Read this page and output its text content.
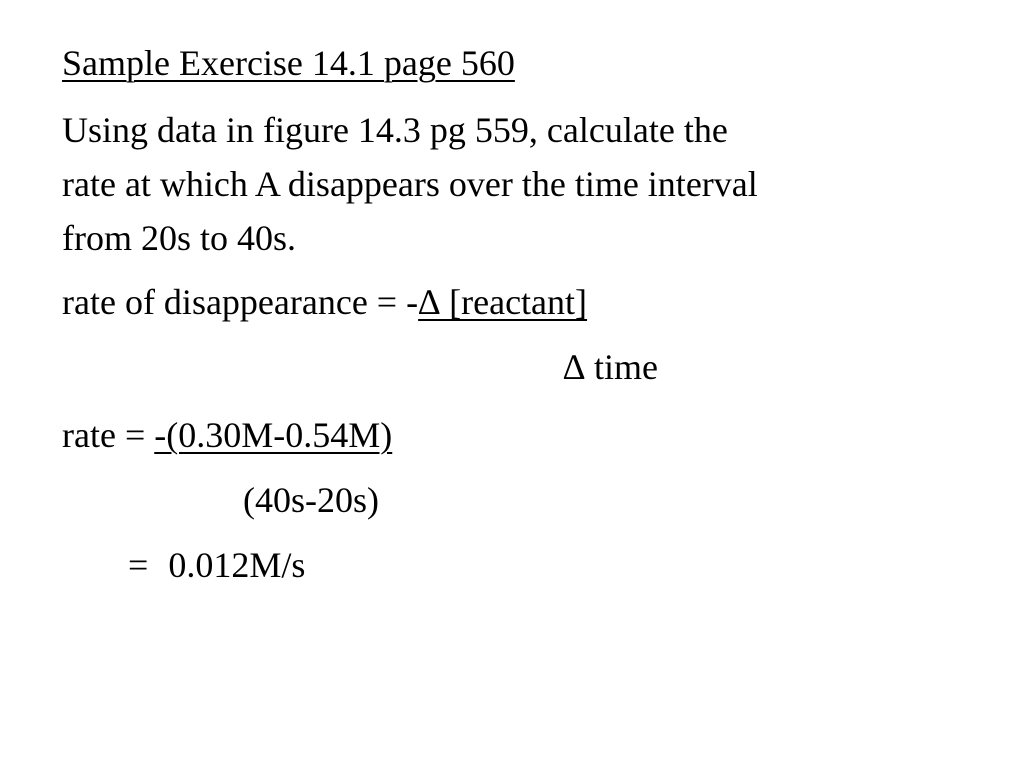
Sample Exercise 14.1 page 560
Using data in figure 14.3 pg 559, calculate the
rate at which A disappears over the time interval
from 20s to 40s.
rate of disappearance = -∆ [reactant]
∆ time
rate = -(0.30M-0.54M)
(40s-20s)
= 0.012M/s
